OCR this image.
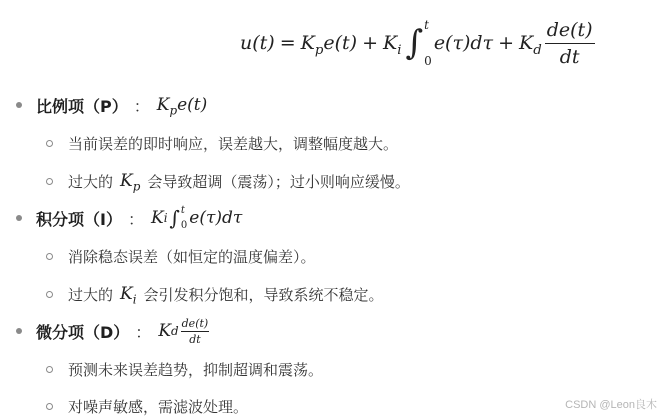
$u(t) = K_p$ $e(t) + K_i$ ∫ t
0
$e(\tau)d\tau + K_d \frac{de(t)}{dt}$
比例项（P） ： $K_pe(t)$
当前误差的即时响应，误差越大，调整幅度越大。
过大的 $K_p$ 会导致超调（震荡）；过小则响应缓慢。
积分项（I） ： K i ∫ t
0 e(τ)dτ
消除稳态误差（如恒定的温度偏差）。
过大的 $K_i$ 会引发积分饱和，导致系统不稳定。
微分项（D） ： K d $\frac{de(t)}{dt}$
预测未来误差趋势，抑制超调和震荡。
对噪声敏感，需滤波处理。	CSDN @Leon良木
